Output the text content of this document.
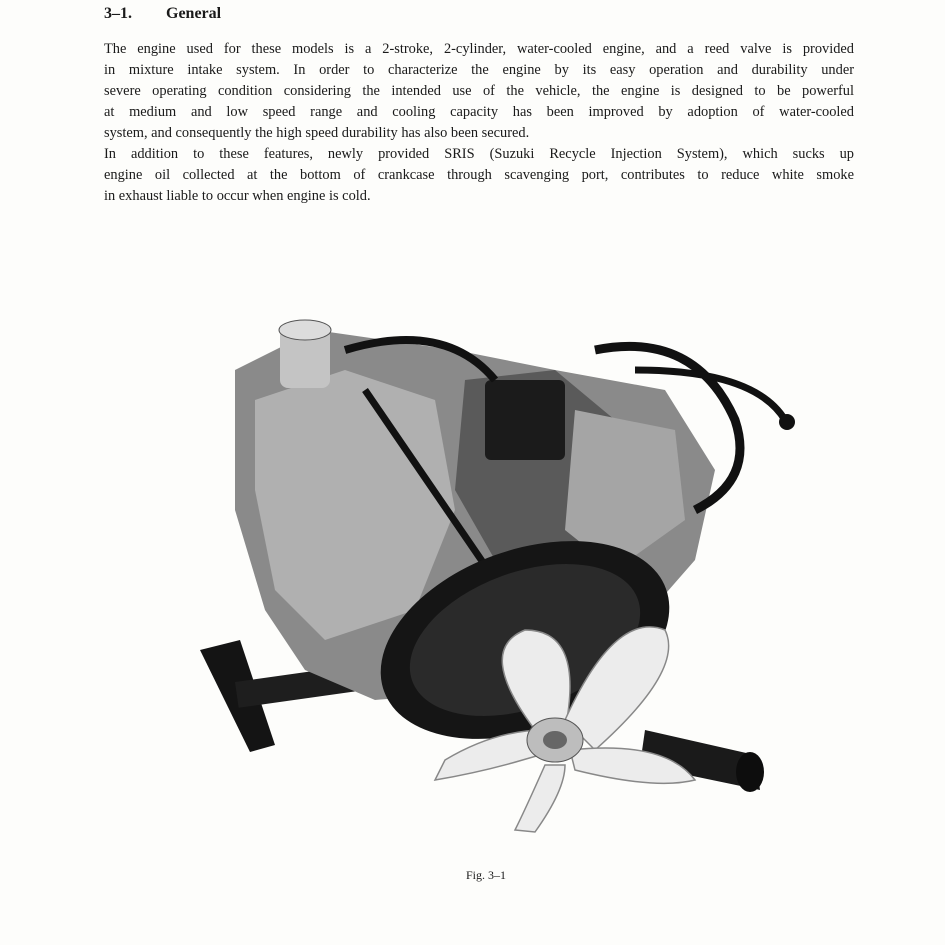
3–1. General
The engine used for these models is a 2-stroke, 2-cylinder, water-cooled engine, and a reed valve is provided
in mixture intake system. In order to characterize the engine by its easy operation and durability under
severe operating condition considering the intended use of the vehicle, the engine is designed to be powerful
at medium and low speed range and cooling capacity has been improved by adoption of water-cooled
system, and consequently the high speed durability has also been secured.
In addition to these features, newly provided SRIS (Suzuki Recycle Injection System), which sucks up
engine oil collected at the bottom of crankcase through scavenging port, contributes to reduce white smoke
in exhaust liable to occur when engine is cold.
Fig. 3–1
